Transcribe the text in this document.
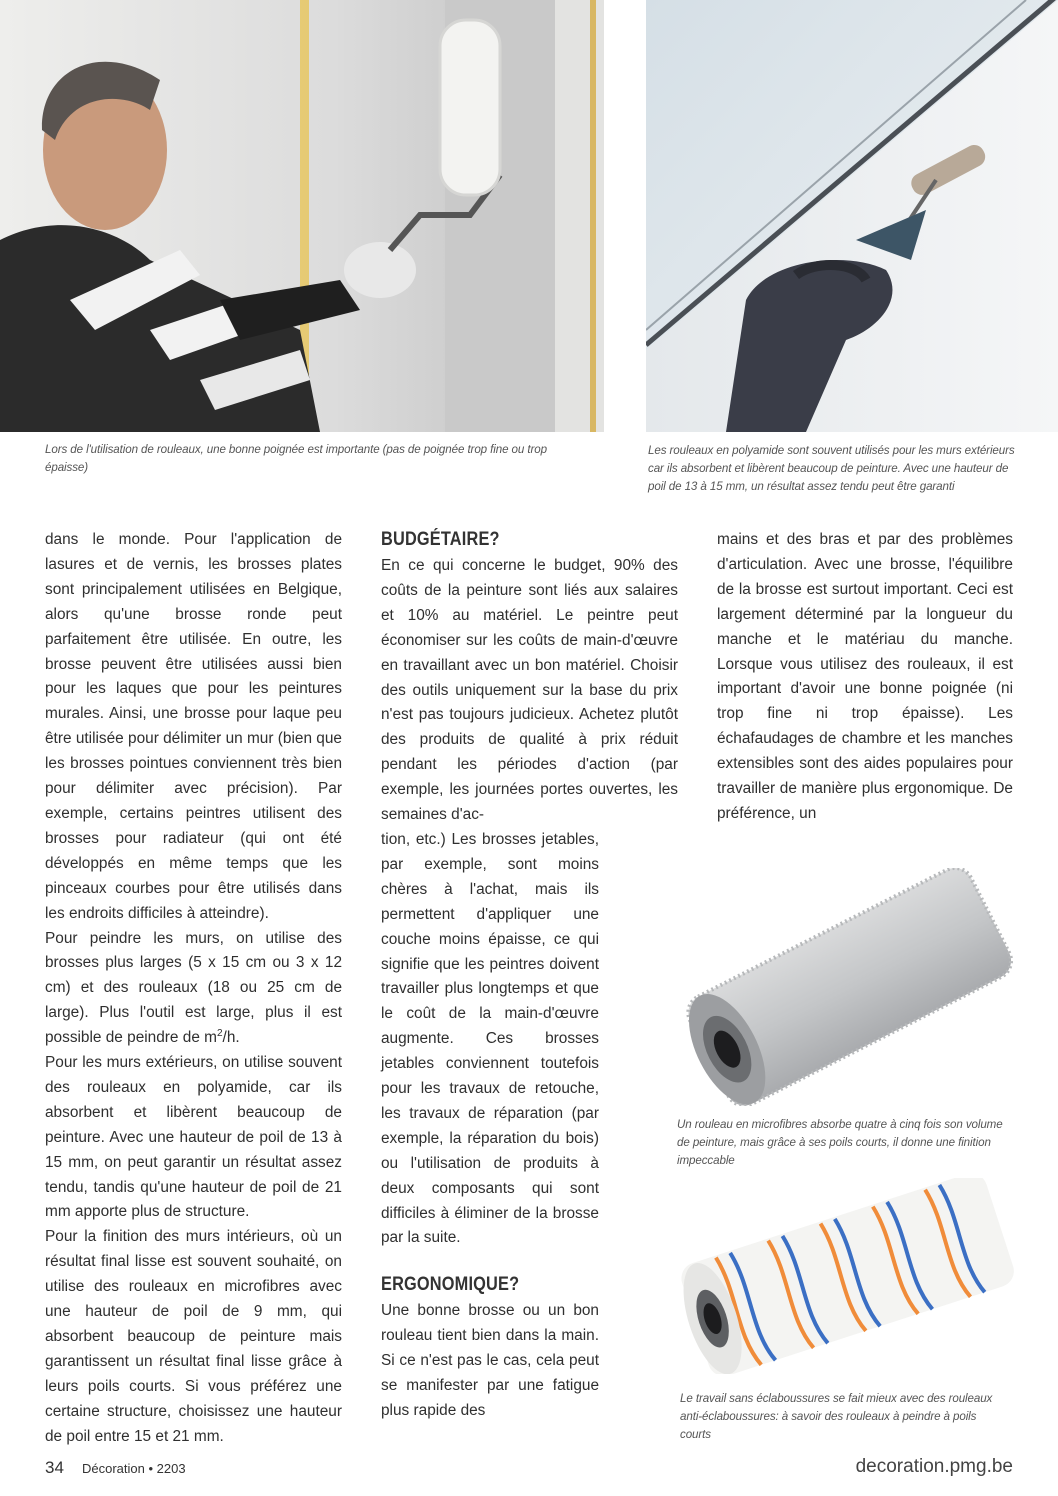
Lors de l'utilisation de rouleaux, une bonne poignée est importante (pas de poignée trop fine ou trop épaisse)
Les rouleaux en polyamide sont souvent utilisés pour les murs extérieurs car ils absorbent et libèrent beaucoup de peinture. Avec une hauteur de poil de 13 à 15 mm, un résultat assez tendu peut être garanti

dans le monde. Pour l'application de lasures et de vernis, les brosses plates sont principalement utilisées en Belgique, alors qu'une brosse ronde peut parfaitement être utilisée. En outre, les brosse peuvent être utilisées aussi bien pour les laques que pour les peintures murales. Ainsi, une brosse pour laque peu être utilisée pour délimiter un mur (bien que les brosses pointues conviennent très bien pour délimiter avec précision). Par exemple, certains peintres utilisent des brosses pour radiateur (qui ont été développés en même temps que les pinceaux courbes pour être utilisés dans les endroits difficiles à atteindre).

Pour peindre les murs, on utilise des brosses plus larges (5 x 15 cm ou 3 x 12 cm) et des rouleaux (18 ou 25 cm de large). Plus l'outil est large, plus il est possible de peindre de $m^2/h$.

Pour les murs extérieurs, on utilise souvent des rouleaux en polyamide, car ils absorbent et libèrent beaucoup de peinture. Avec une hauteur de poil de 13 à 15 mm, on peut garantir un résultat assez tendu, tandis qu'une hauteur de poil de 21 mm apporte plus de structure.

Pour la finition des murs intérieurs, où un résultat final lisse est souvent souhaité, on utilise des rouleaux en microfibres avec une hauteur de poil de 9 mm, qui absorbent beaucoup de peinture mais garantissent un résultat final lisse grâce à leurs poils courts. Si vous préférez une certaine structure, choisissez une hauteur de poil entre 15 et 21 mm.

BUDGÉTAIRE?

En ce qui concerne le budget, 90% des coûts de la peinture sont liés aux salaires et 10% au matériel. Le peintre peut économiser sur les coûts de main-d'œuvre en travaillant avec un bon matériel. Choisir des outils uniquement sur la base du prix n'est pas toujours judicieux. Achetez plutôt des produits de qualité à prix réduit pendant les périodes d'action (par exemple, les journées portes ouvertes, les semaines d'ac-

tion, etc.) Les brosses jetables, par exemple, sont moins chères à l'achat, mais ils permettent d'appliquer une couche moins épaisse, ce qui signifie que les peintres doivent travailler plus longtemps et que le coût de la main-d'œuvre augmente. Ces brosses jetables conviennent toutefois pour les travaux de retouche, les travaux de réparation (par exemple, la réparation du bois) ou l'utilisation de produits à deux composants qui sont difficiles à éliminer de la brosse par la suite.

ERGONOMIQUE?

Une bonne brosse ou un bon rouleau tient bien dans la main. Si ce n'est pas le cas, cela peut se manifester par une fatigue plus rapide des

mains et des bras et par des problèmes d'articulation. Avec une brosse, l'équilibre de la brosse est surtout important. Ceci est largement déterminé par la longueur du manche et le matériau du manche. Lorsque vous utilisez des rouleaux, il est important d'avoir une bonne poignée (ni trop fine ni trop épaisse). Les échafaudages de chambre et les manches extensibles sont des aides populaires pour travailler de manière plus ergonomique. De préférence, un

Un rouleau en microfibres absorbe quatre à cinq fois son volume de peinture, mais grâce à ses poils courts, il donne une finition impeccable
Le travail sans éclaboussures se fait mieux avec des rouleaux anti-éclaboussures: à savoir des rouleaux à peindre à poils courts
34 Décoration • 2203	decoration.pmg.be
